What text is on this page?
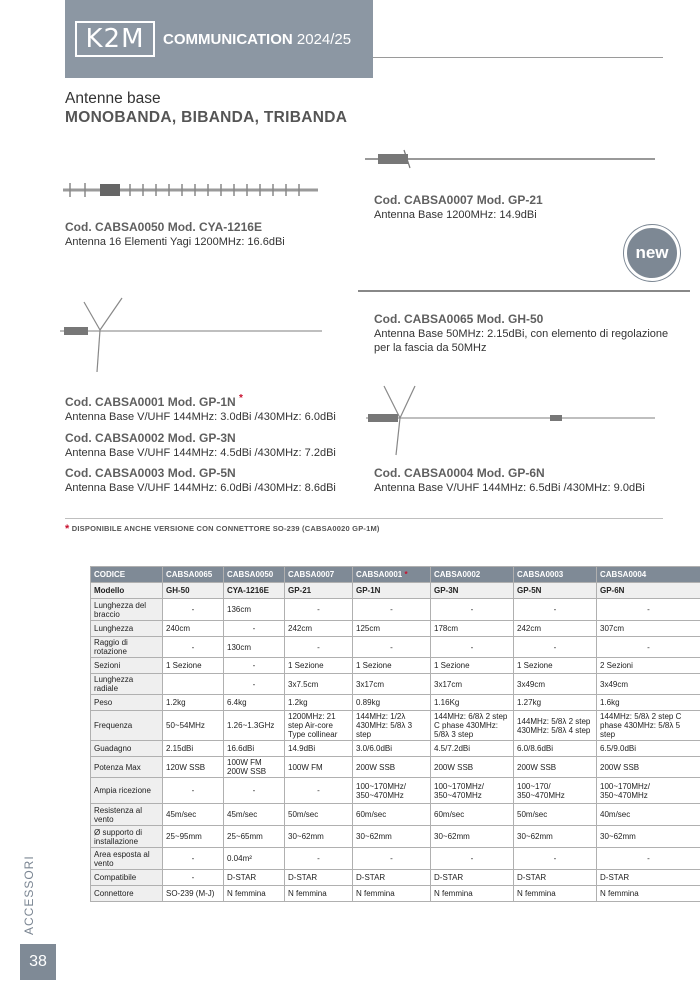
K2M	COMMUNICATION 2024/25
Antenne base
MONOBANDA, BIBANDA, TRIBANDA
new
Cod. CABSA0050 Mod. CYA-1216E
Antenna 16 Elementi Yagi 1200MHz: 16.6dBi
Cod. CABSA0007 Mod. GP-21
Antenna Base 1200MHz: 14.9dBi
Cod. CABSA0065 Mod. GH-50
Antenna Base 50MHz: 2.15dBi, con elemento di regolazione per la fascia da 50MHz
Cod. CABSA0001 Mod. GP-1N *
Antenna Base V/UHF 144MHz: 3.0dBi /430MHz: 6.0dBi
Cod. CABSA0002 Mod. GP-3N
Antenna Base V/UHF 144MHz: 4.5dBi /430MHz: 7.2dBi
Cod. CABSA0003 Mod. GP-5N
Antenna Base V/UHF 144MHz: 6.0dBi /430MHz: 8.6dBi
Cod. CABSA0004 Mod. GP-6N
Antenna Base V/UHF 144MHz: 6.5dBi /430MHz: 9.0dBi
* DISPONIBILE ANCHE VERSIONE CON CONNETTORE SO-239 (CABSA0020 GP-1M)
CODICE	CABSA0065	CABSA0050	CABSA0007	CABSA0001 *	CABSA0002	CABSA0003	CABSA0004
Modello	GH-50	CYA-1216E	GP-21	GP-1N	GP-3N	GP-5N	GP-6N
Lunghezza del braccio	-	136cm	-	-	-	-	-
Lunghezza	240cm	-	242cm	125cm	178cm	242cm	307cm
Raggio di rotazione	-	130cm	-	-	-	-	-
Sezioni	1 Sezione	-	1 Sezione	1 Sezione	1 Sezione	1 Sezione	2 Sezioni
Lunghezza radiale		-	3x7.5cm	3x17cm	3x17cm	3x49cm	3x49cm
Peso	1.2kg	6.4kg	1.2kg	0.89kg	1.16Kg	1.27kg	1.6kg
Frequenza	50~54MHz	1.26~1.3GHz	1200MHz: 21 step Air-core Type collinear	144MHz: 1/2λ 430MHz: 5/8λ 3 step	144MHz: 6/8λ 2 step C phase 430MHz: 5/8λ 3 step	144MHz: 5/8λ 2 step 430MHz: 5/8λ 4 step	144MHz: 5/8λ 2 step C phase 430MHz: 5/8λ 5 step
Guadagno	2.15dBi	16.6dBi	14.9dBi	3.0/6.0dBi	4.5/7.2dBi	6.0/8.6dBi	6.5/9.0dBi
Potenza Max	120W SSB	100W FM 200W SSB	100W FM	200W SSB	200W SSB	200W SSB	200W SSB
Ampia ricezione	-	-	-	100~170MHz/ 350~470MHz	100~170MHz/ 350~470MHz	100~170/ 350~470MHz	100~170MHz/ 350~470MHz
Resistenza al vento	45m/sec	45m/sec	50m/sec	60m/sec	60m/sec	50m/sec	40m/sec
Ø supporto di installazione	25~95mm	25~65mm	30~62mm	30~62mm	30~62mm	30~62mm	30~62mm
Area esposta al vento	-	0.04m²	-	-	-	-	-
Compatibile	-	D-STAR	D-STAR	D-STAR	D-STAR	D-STAR	D-STAR
Connettore	SO-239 (M-J)	N femmina	N femmina	N femmina	N femmina	N femmina	N femmina
ACCESSORI
38
